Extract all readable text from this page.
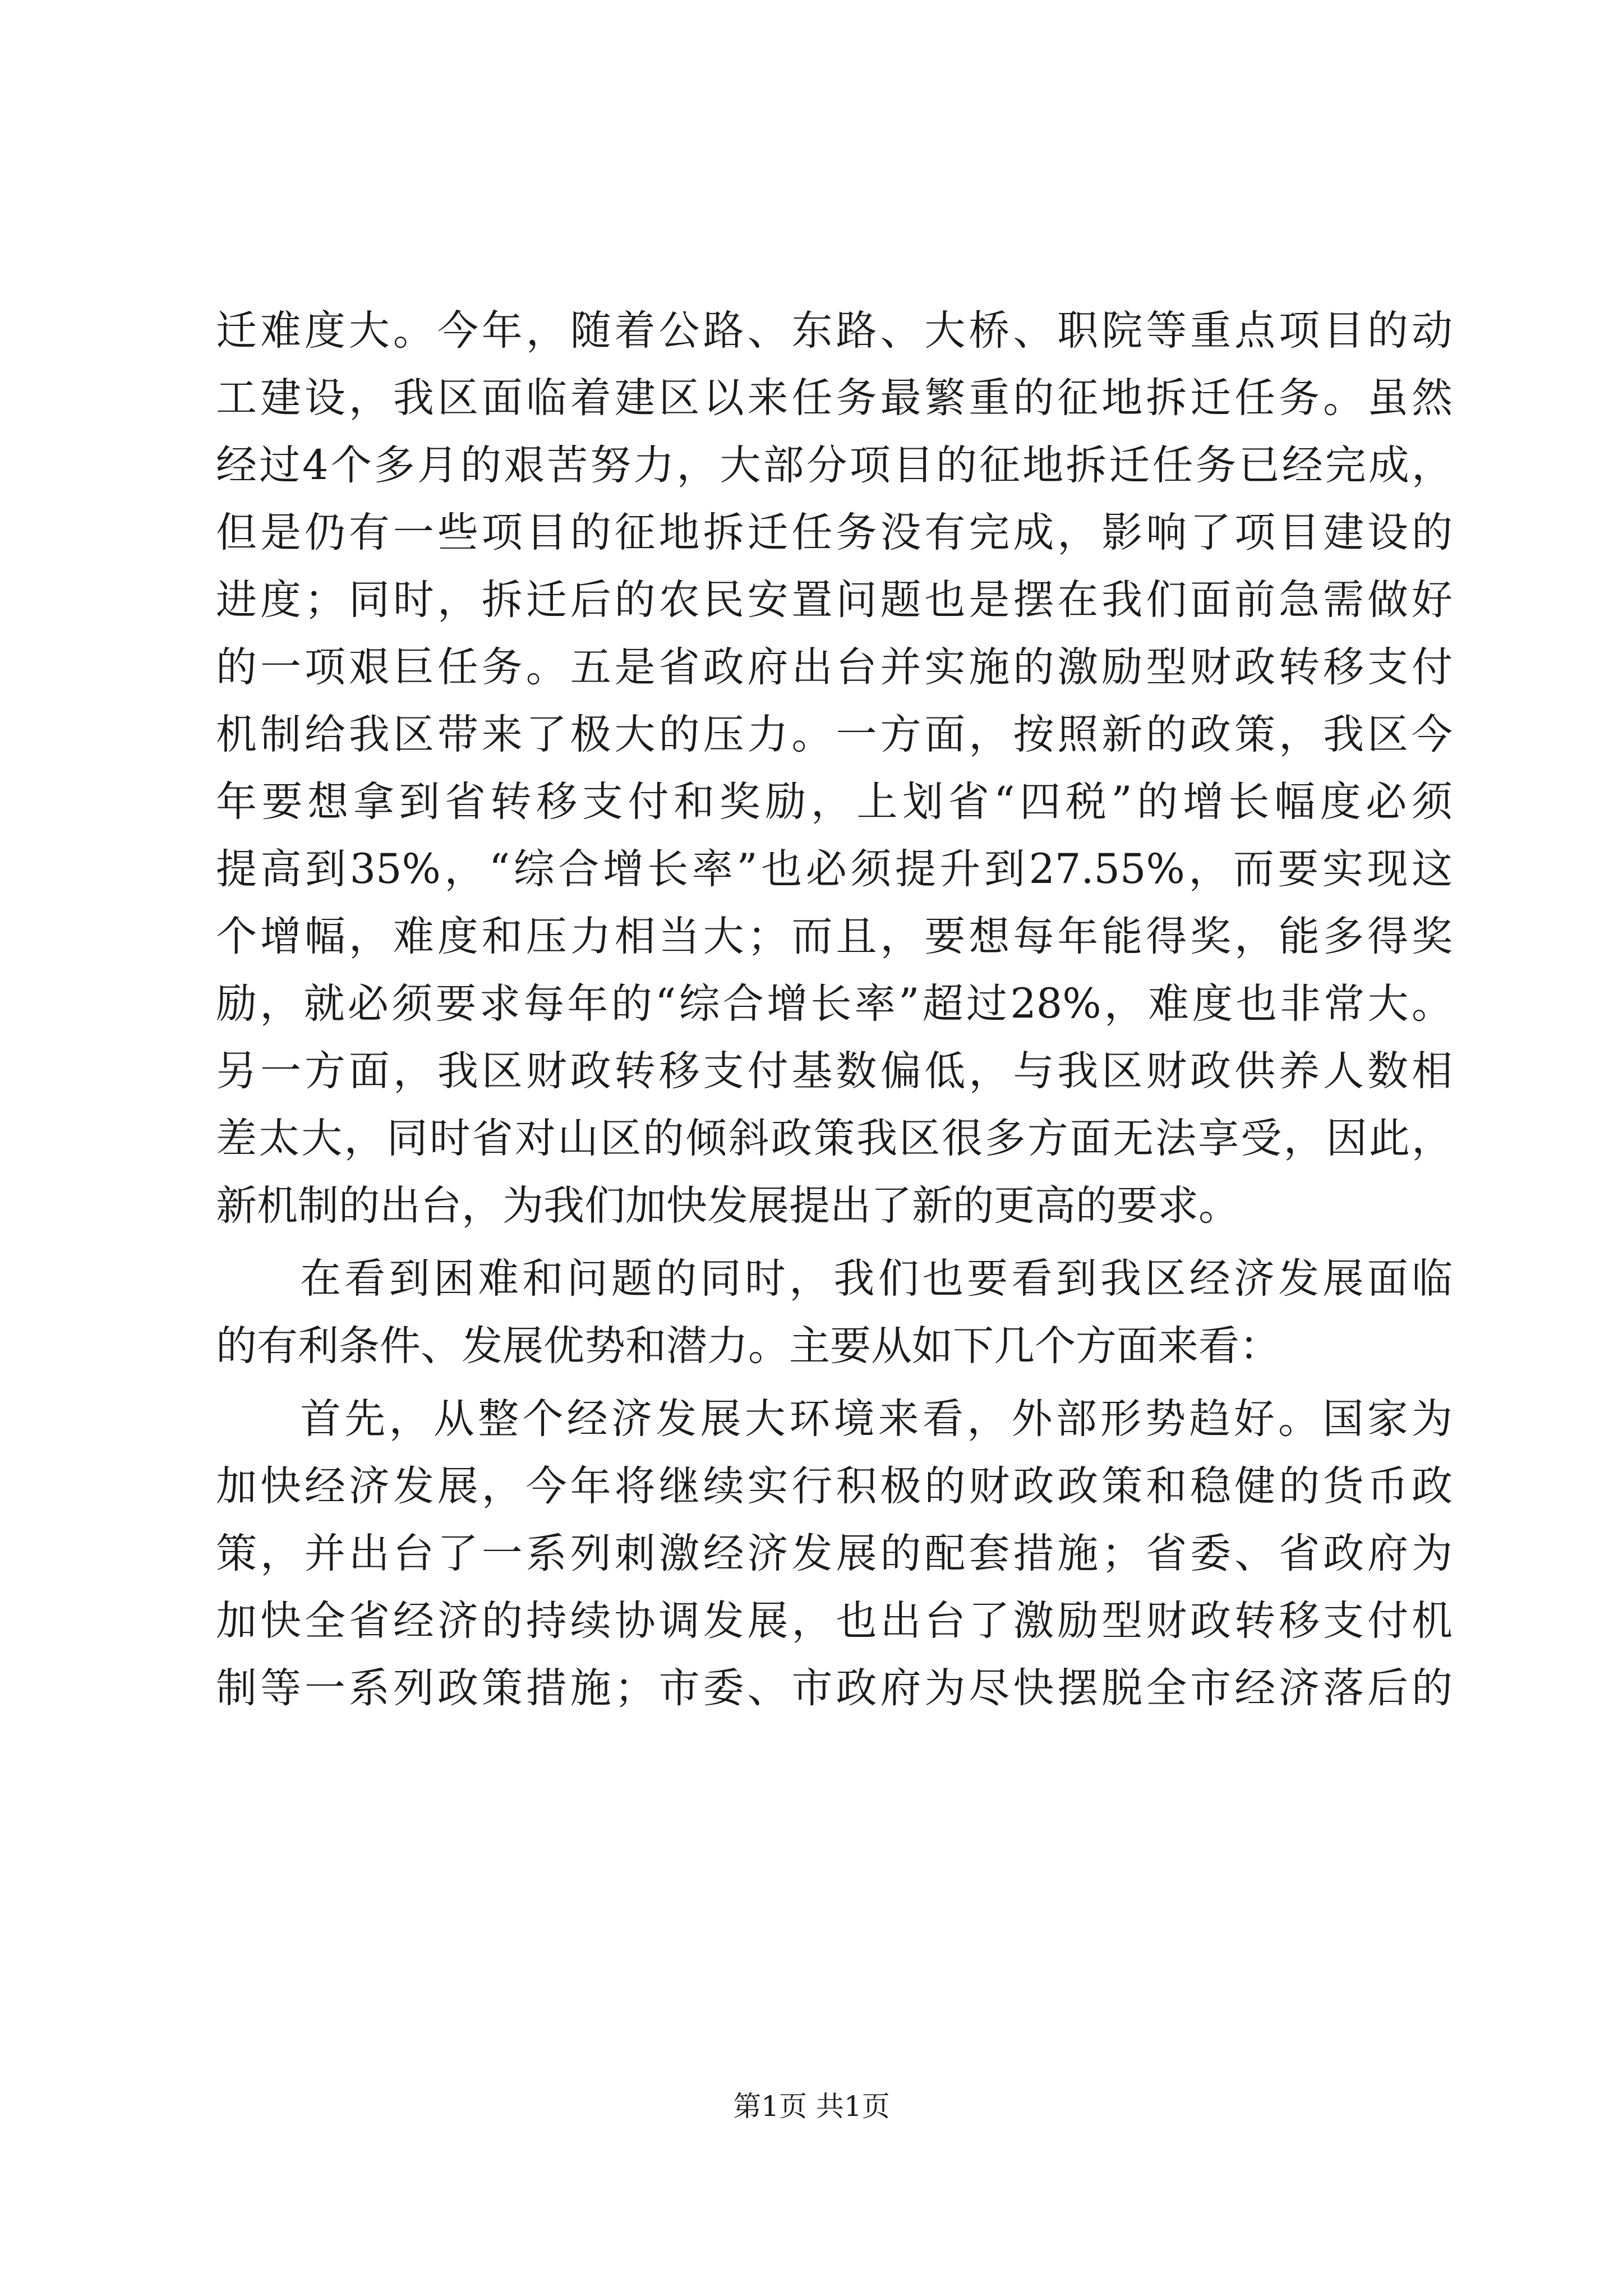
迁难度大。今年，随着公路、东路、大桥、职院等重点项目的动
工建设，我区面临着建区以来任务最繁重的征地拆迁任务。虽然
经过4个多月的艰苦努力，大部分项目的征地拆迁任务已经完成，
但是仍有一些项目的征地拆迁任务没有完成，影响了项目建设的
进度；同时，拆迁后的农民安置问题也是摆在我们面前急需做好
的一项艰巨任务。五是省政府出台并实施的激励型财政转移支付
机制给我区带来了极大的压力。一方面，按照新的政策，我区今
年要想拿到省转移支付和奖励，上划省“四税”的增长幅度必须
提高到35%，“综合增长率”也必须提升到27.55%，而要实现这
个增幅，难度和压力相当大；而且，要想每年能得奖，能多得奖
励，就必须要求每年的“综合增长率”超过28%，难度也非常大。
另一方面，我区财政转移支付基数偏低，与我区财政供养人数相
差太大，同时省对山区的倾斜政策我区很多方面无法享受，因此，
新机制的出台，为我们加快发展提出了新的更高的要求。
在看到困难和问题的同时，我们也要看到我区经济发展面临
的有利条件、发展优势和潜力。主要从如下几个方面来看：
首先，从整个经济发展大环境来看，外部形势趋好。国家为
加快经济发展，今年将继续实行积极的财政政策和稳健的货币政
策，并出台了一系列刺激经济发展的配套措施；省委、省政府为
加快全省经济的持续协调发展，也出台了激励型财政转移支付机
制等一系列政策措施；市委、市政府为尽快摆脱全市经济落后的
第1页 共1页
